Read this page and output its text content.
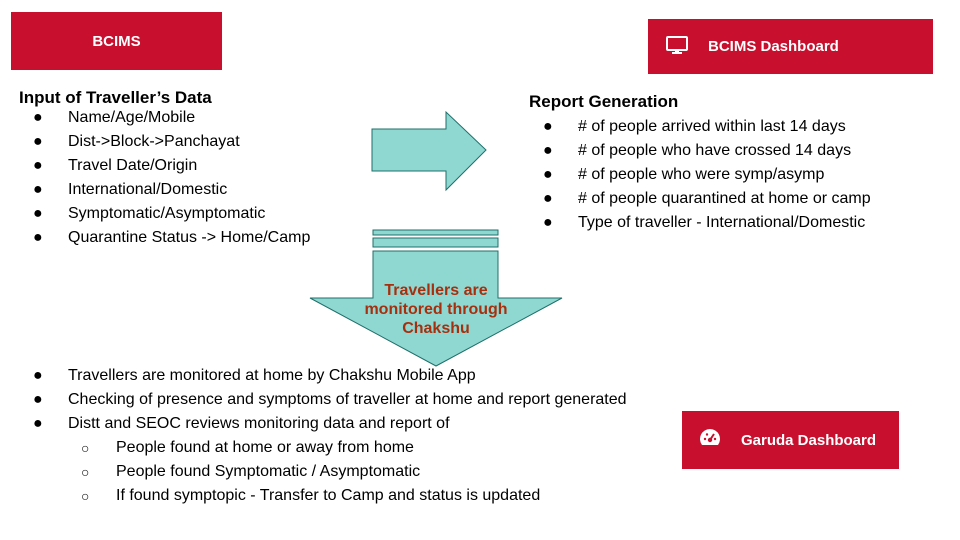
BCIMS	BCIMS Dashboard
Garuda Dashboard
Input of Traveller’s Data
●	Name/Age/Mobile
●	Dist->Block->Panchayat
●	Travel Date/Origin
●	International/Domestic
●	Symptomatic/Asymptomatic
●	Quarantine Status -> Home/Camp
Report Generation
●	# of people arrived within last 14 days
●	# of people who have crossed 14 days
●	# of people who were symp/asymp
●	# of people quarantined at home or camp
●	Type of traveller - International/Domestic
Travellers are monitored through Chakshu
●	Travellers are monitored at home by Chakshu Mobile App
●	Checking of presence and symptoms of traveller at home and report generated
●	Distt and SEOC reviews monitoring data and report of
○	People found at home or away from home
○	People found Symptomatic / Asymptomatic
○	If found symptopic - Transfer to Camp and status is updated
